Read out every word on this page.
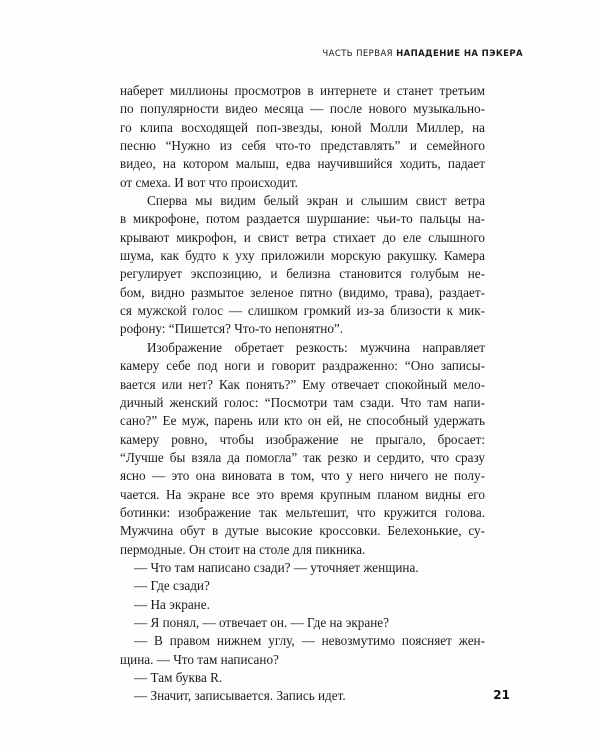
ЧАСТЬ ПЕРВАЯ НАПАДЕНИЕ НА ПЭКЕРА
наберет миллионы просмотров в интернете и станет третьим
по популярности видео месяца — после нового музыкально-
го клипа восходящей поп-звезды, юной Молли Миллер, на
песню “Нужно из себя что-то представлять” и семейного
видео, на котором малыш, едва научившийся ходить, падает
от смеха. И вот что происходит.
Сперва мы видим белый экран и слышим свист ветра
в микрофоне, потом раздается шуршание: чьи-то пальцы на-
крывают микрофон, и свист ветра стихает до еле слышного
шума, как будто к уху приложили морскую ракушку. Камера
регулирует экспозицию, и белизна становится голубым не-
бом, видно размытое зеленое пятно (видимо, трава), раздает-
ся мужской голос — слишком громкий из-за близости к мик-
рофону: “Пишется? Что-то непонятно”.
Изображение обретает резкость: мужчина направляет
камеру себе под ноги и говорит раздраженно: “Оно записы-
вается или нет? Как понять?” Ему отвечает спокойный мело-
дичный женский голос: “Посмотри там сзади. Что там напи-
сано?” Ее муж, парень или кто он ей, не способный удержать
камеру ровно, чтобы изображение не прыгало, бросает:
“Лучше бы взяла да помогла” так резко и сердито, что сразу
ясно — это она виновата в том, что у него ничего не полу-
чается. На экране все это время крупным планом видны его
ботинки: изображение так мельтешит, что кружится голова.
Мужчина обут в дутые высокие кроссовки. Белехонькие, су-
пермодные. Он стоит на столе для пикника.
— Что там написано сзади? — уточняет женщина.
— Где сзади?
— На экране.
— Я понял, — отвечает он. — Где на экране?
— В правом нижнем углу, — невозмутимо поясняет жен-
щина. — Что там написано?
— Там буква R.
— Значит, записывается. Запись идет.	21
